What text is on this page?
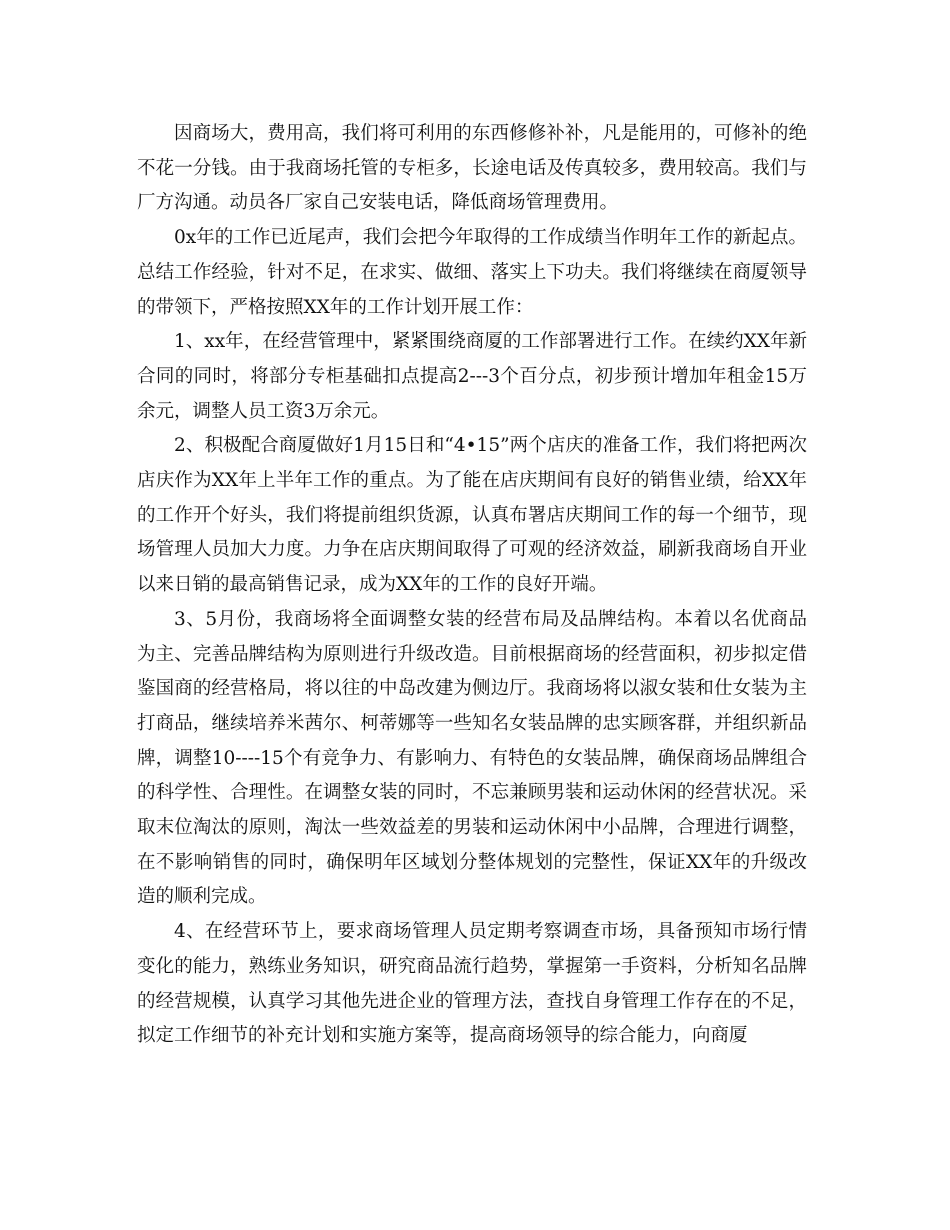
因商场大，费用高，我们将可利用的东西修修补补，凡是能用的，可修补的绝不花一分钱。由于我商场托管的专柜多，长途电话及传真较多，费用较高。我们与厂方沟通。动员各厂家自己安装电话，降低商场管理费用。

0x年的工作已近尾声，我们会把今年取得的工作成绩当作明年工作的新起点。总结工作经验，针对不足，在求实、做细、落实上下功夫。我们将继续在商厦领导的带领下，严格按照XX年的工作计划开展工作：

1、xx年，在经营管理中，紧紧围绕商厦的工作部署进行工作。在续约XX年新合同的同时，将部分专柜基础扣点提高2---3个百分点，初步预计增加年租金15万余元，调整人员工资3万余元。

2、积极配合商厦做好1月15日和“4•15”两个店庆的准备工作，我们将把两次店庆作为XX年上半年工作的重点。为了能在店庆期间有良好的销售业绩，给XX年的工作开个好头，我们将提前组织货源，认真布署店庆期间工作的每一个细节，现场管理人员加大力度。力争在店庆期间取得了可观的经济效益，刷新我商场自开业以来日销的最高销售记录，成为XX年的工作的良好开端。

3、5月份，我商场将全面调整女装的经营布局及品牌结构。本着以名优商品为主、完善品牌结构为原则进行升级改造。目前根据商场的经营面积，初步拟定借鉴国商的经营格局，将以往的中岛改建为侧边厅。我商场将以淑女装和仕女装为主打商品，继续培养米茜尔、柯蒂娜等一些知名女装品牌的忠实顾客群，并组织新品牌，调整10----15个有竞争力、有影响力、有特色的女装品牌，确保商场品牌组合的科学性、合理性。在调整女装的同时，不忘兼顾男装和运动休闲的经营状况。采取末位淘汰的原则，淘汰一些效益差的男装和运动休闲中小品牌，合理进行调整，在不影响销售的同时，确保明年区域划分整体规划的完整性，保证XX年的升级改造的顺利完成。

4、在经营环节上，要求商场管理人员定期考察调查市场，具备预知市场行情变化的能力，熟练业务知识，研究商品流行趋势，掌握第一手资料，分析知名品牌的经营规模，认真学习其他先进企业的管理方法，查找自身管理工作存在的不足，拟定工作细节的补充计划和实施方案等，提高商场领导的综合能力，向商厦
